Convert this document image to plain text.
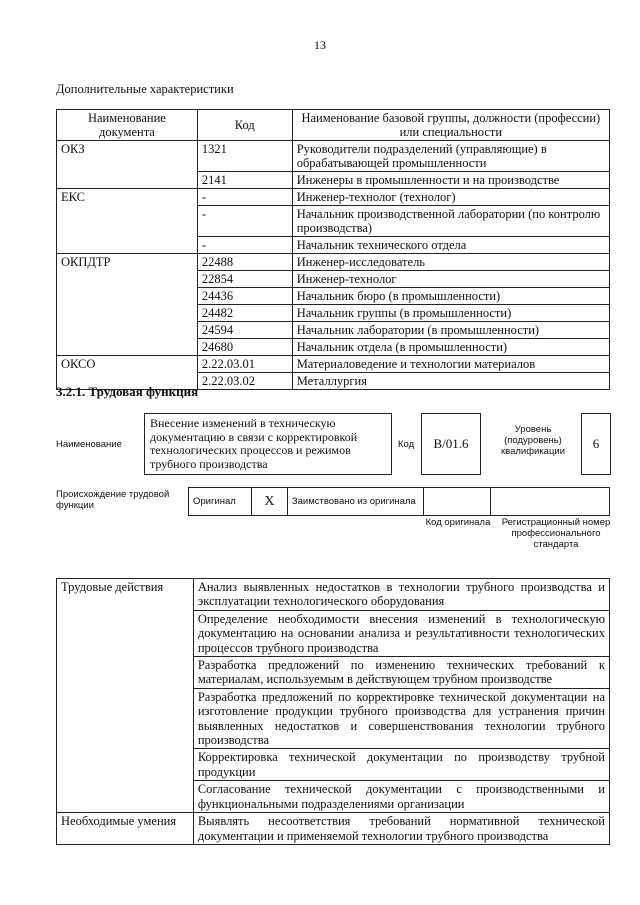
13
Дополнительные характеристики
Наименование документа	Код	Наименование базовой группы, должности (профессии) или специальности
ОКЗ	1321	Руководители подразделений (управляющие) в обрабатывающей промышленности
	2141	Инженеры в промышленности и на производстве
ЕКС	-	Инженер-технолог (технолог)
	-	Начальник производственной лаборатории (по контролю производства)
	-	Начальник технического отдела
ОКПДТР	22488	Инженер-исследователь
	22854	Инженер-технолог
	24436	Начальник бюро (в промышленности)
	24482	Начальник группы (в промышленности)
	24594	Начальник лаборатории (в промышленности)
	24680	Начальник отдела (в промышленности)
ОКСО	2.22.03.01	Материаловедение и технологии материалов
	2.22.03.02	Металлургия
3.2.1. Трудовая функция
Наименование
Внесение изменений в техническую документацию в связи с корректировкой технологических процессов и режимов трубного производства
Код	B/01.6
Уровень (подуровень) квалификации
6
Происхождение трудовой функции	Оригинал	X	Заимствовано из оригинала		
Код оригинала Регистрационный номер профессионального стандарта
Трудовые действия	Анализ выявленных недостатков в технологии трубного производства и эксплуатации технологического оборудования
	Определение необходимости внесения изменений в технологическую документацию на основании анализа и результативности технологических процессов трубного производства
	Разработка предложений по изменению технических требований к материалам, используемым в действующем трубном производстве
	Разработка предложений по корректировке технической документации на изготовление продукции трубного производства для устранения причин выявленных недостатков и совершенствования технологии трубного производства
	Корректировка технической документации по производству трубной продукции
	Согласование технической документации с производственными и функциональными подразделениями организации
Необходимые умения	Выявлять несоответствия требований нормативной технической документации и применяемой технологии трубного производства
